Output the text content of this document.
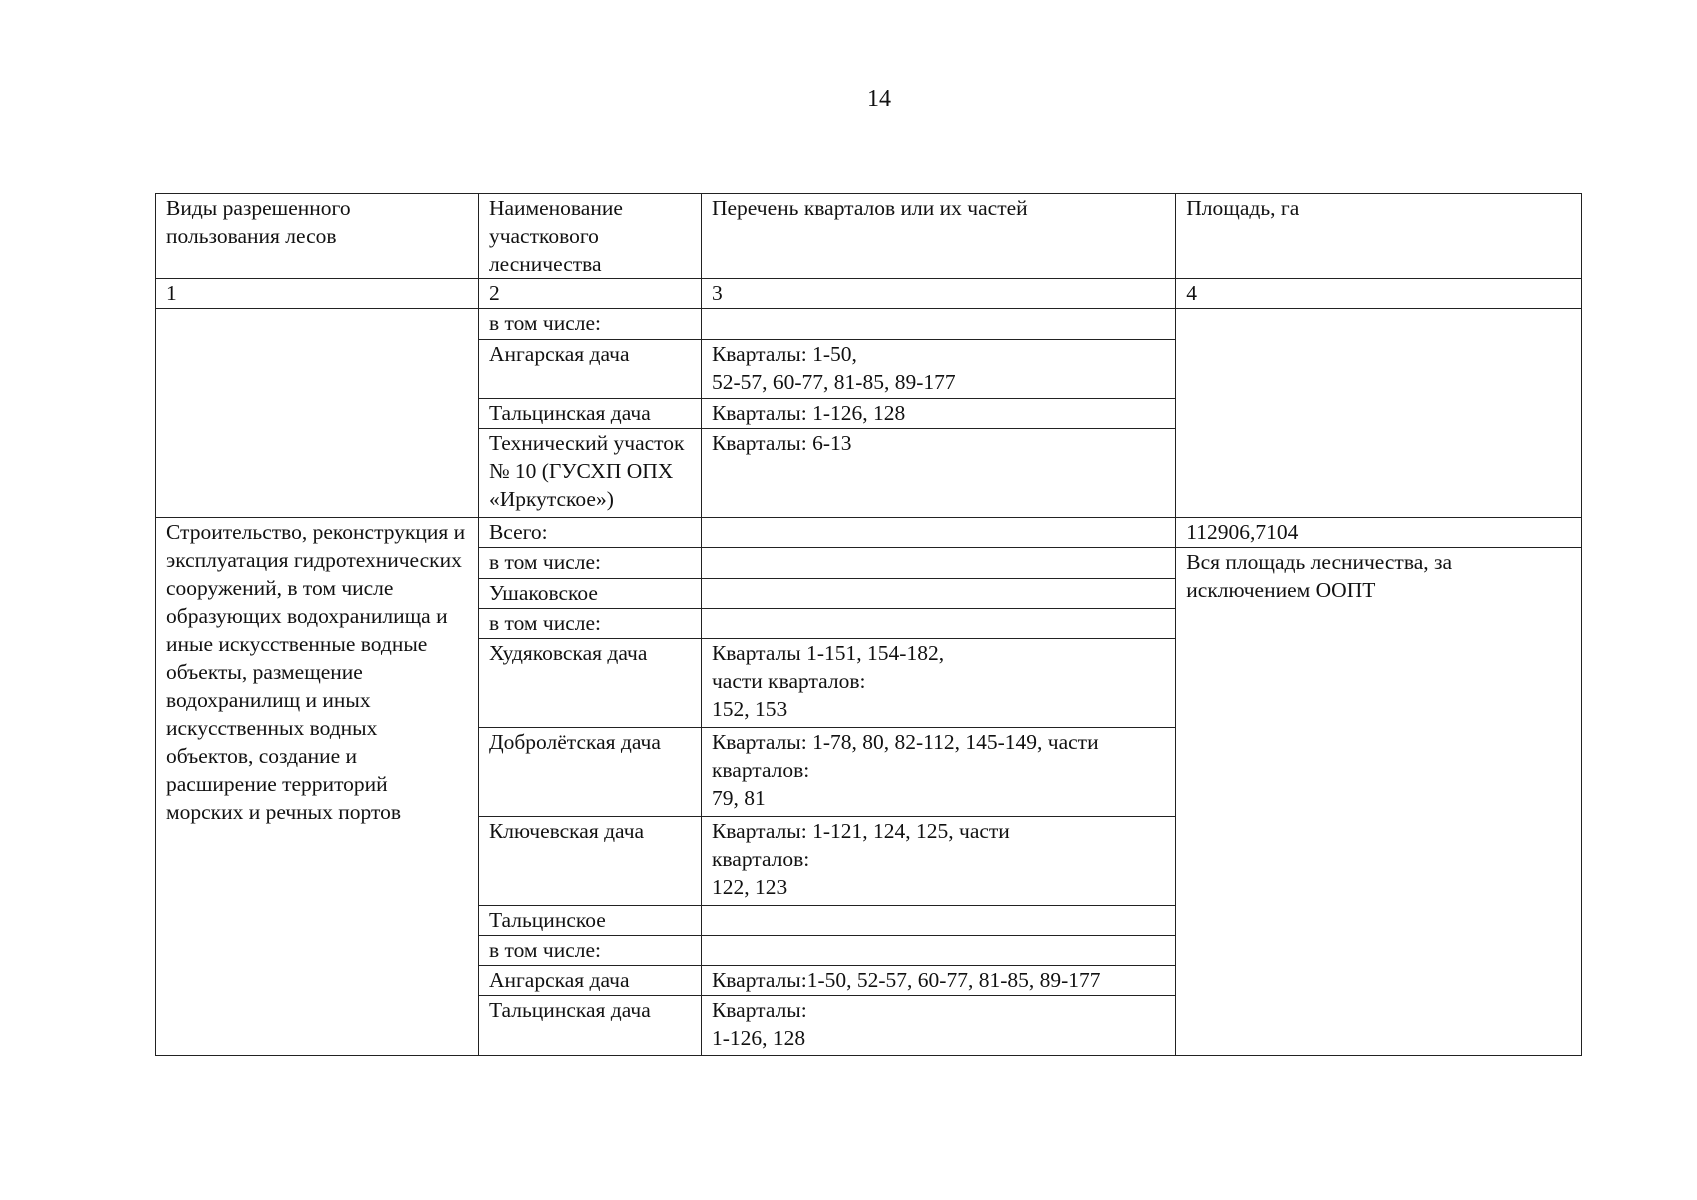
14
Виды разрешенного пользования лесов	Наименование участкового лесничества	Перечень кварталов или их частей	Площадь, га
1	2	3	4
	в том числе:		
	Ангарская дача	Кварталы: 1-50,
52-57, 60-77, 81-85, 89-177	

	Тальцинская дача	Кварталы: 1-126, 128	
	Технический участок № 10 (ГУСХП ОПХ «Иркутское»)	Кварталы: 6-13	
Строительство, реконструкция и эксплуатация гидротехнических сооружений, в том числе образующих водохранилища и иные искусственные водные объекты, размещение водохранилищ и иных искусственных водных объектов, создание и расширение территорий морских и речных портов	Всего:		112906,7104
	в том числе:		Вся площадь лесничества, за исключением ООПТ
	Ушаковское		
	в том числе:		
	Худяковская дача	Кварталы 1-151, 154-182,
части кварталов:
152, 153	

	Добролётская дача	Кварталы: 1-78, 80, 82-112, 145-149, части
кварталов:
79, 81	

	Ключевская дача	Кварталы: 1-121, 124, 125, части
кварталов:
122, 123	

	Тальцинское		
	в том числе:		
	Ангарская дача	Кварталы:1-50, 52-57, 60-77, 81-85, 89-177	
	Тальцинская дача	Кварталы:
1-126, 128	
